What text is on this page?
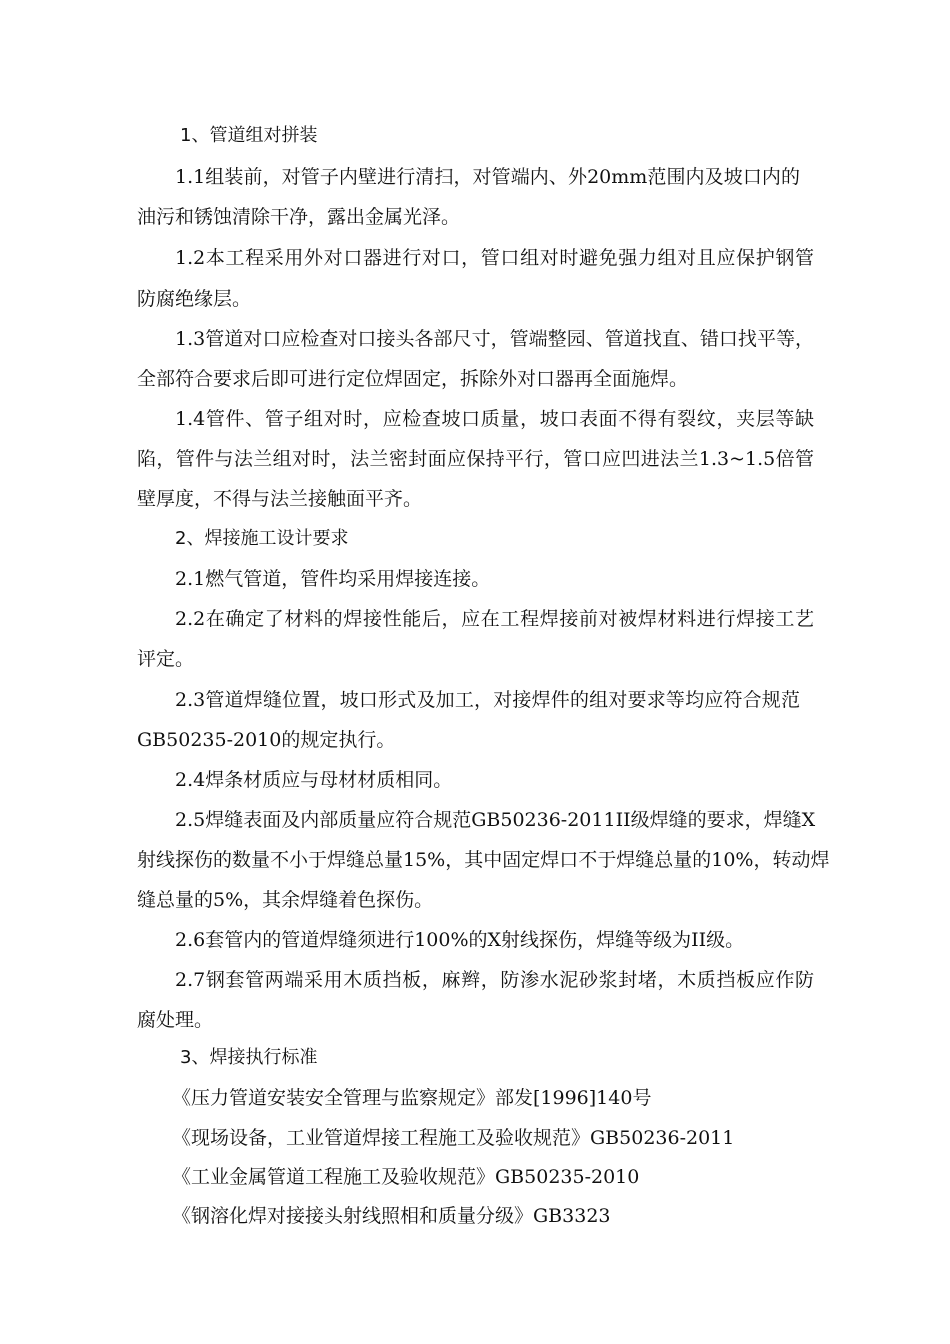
1、管道组对拼装
1.1组装前，对管子内壁进行清扫，对管端内、外20mm范围内及坡口内的
油污和锈蚀清除干净，露出金属光泽。
1.2本工程采用外对口器进行对口，管口组对时避免强力组对且应保护钢管
防腐绝缘层。
1.3管道对口应检查对口接头各部尺寸，管端整园、管道找直、错口找平等，
全部符合要求后即可进行定位焊固定，拆除外对口器再全面施焊。
1.4管件、管子组对时，应检查坡口质量，坡口表面不得有裂纹，夹层等缺
陷，管件与法兰组对时，法兰密封面应保持平行，管口应凹进法兰1.3~1.5倍管
壁厚度，不得与法兰接触面平齐。
2、焊接施工设计要求
2.1燃气管道，管件均采用焊接连接。
2.2在确定了材料的焊接性能后，应在工程焊接前对被焊材料进行焊接工艺
评定。
2.3管道焊缝位置，坡口形式及加工，对接焊件的组对要求等均应符合规范
GB50235-2010的规定执行。
2.4焊条材质应与母材材质相同。
2.5焊缝表面及内部质量应符合规范GB50236-2011II级焊缝的要求，焊缝X
射线探伤的数量不小于焊缝总量15%，其中固定焊口不于焊缝总量的10%，转动焊
缝总量的5%，其余焊缝着色探伤。
2.6套管内的管道焊缝须进行100%的X射线探伤，焊缝等级为II级。
2.7钢套管两端采用木质挡板，麻辫，防渗水泥砂浆封堵，木质挡板应作防
腐处理。
3、焊接执行标准
《压力管道安装安全管理与监察规定》部发[1996]140号
《现场设备，工业管道焊接工程施工及验收规范》GB50236-2011
《工业金属管道工程施工及验收规范》GB50235-2010
《钢溶化焊对接接头射线照相和质量分级》GB3323
